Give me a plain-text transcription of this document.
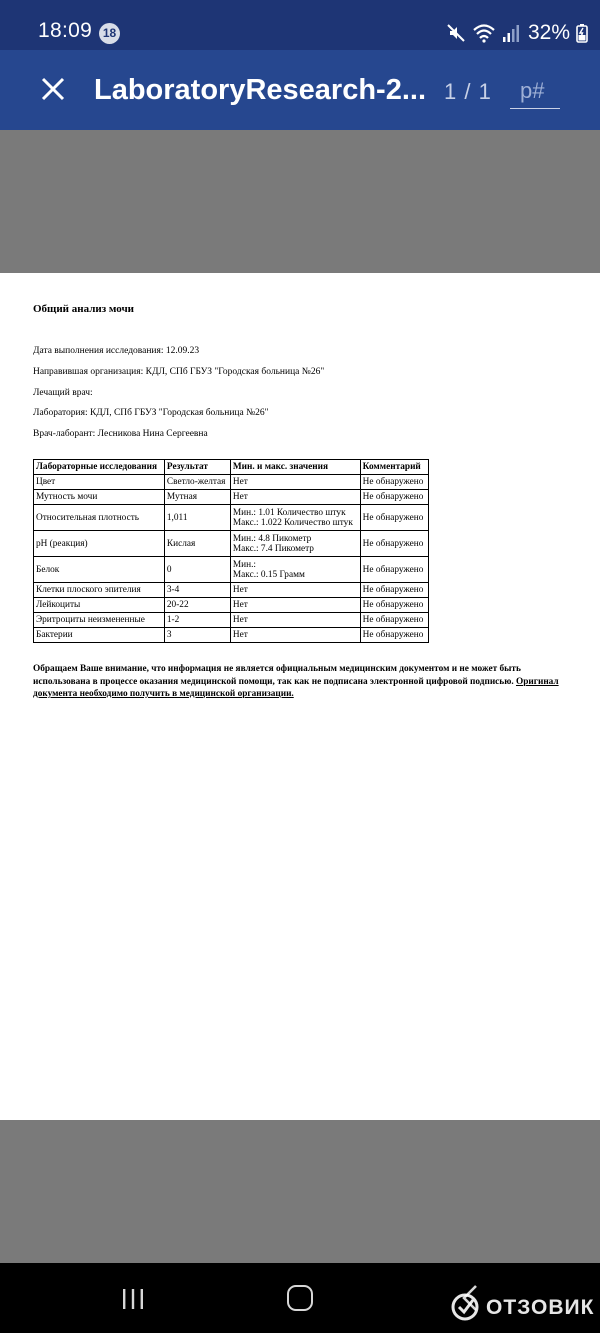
18:09 18	32%
LaboratoryResearch-2... 1 / 1	p#
Общий анализ мочи
Дата выполнения исследования: 12.09.23
Направившая организация: КДЛ, СПб ГБУЗ "Городская больница №26"
Лечащий врач:
Лаборатория: КДЛ, СПб ГБУЗ "Городская больница №26"
Врач-лаборант: Лесникова Нина Сергеевна
Лабораторные исследования	Результат	Мин. и макс. значения	Комментарий
Цвет	Светло-желтая	Нет	Не обнаружено
Мутность мочи	Мутная	Нет	Не обнаружено
Относительная плотность	1,011	Мин.: 1.01 Количество штук
Макс.: 1.022 Количество штук	Не обнаружено
pH (реакция)	Кислая	Мин.: 4.8 Пикометр
Макс.: 7.4 Пикометр	Не обнаружено
Белок	0	Мин.:
Макс.: 0.15 Грамм	Не обнаружено
Клетки плоского эпителия	3-4	Нет	Не обнаружено
Лейкоциты	20-22	Нет	Не обнаружено
Эритроциты неизмененные	1-2	Нет	Не обнаружено
Бактерии	3	Нет	Не обнаружено
Обращаем Ваше внимание, что информация не является официальным медицинским документом и не может быть использована в процессе оказания медицинской помощи, так как не подписана электронной цифровой подписью. Оригинал документа необходимо получить в медицинской организации.
ОТЗОВИК
